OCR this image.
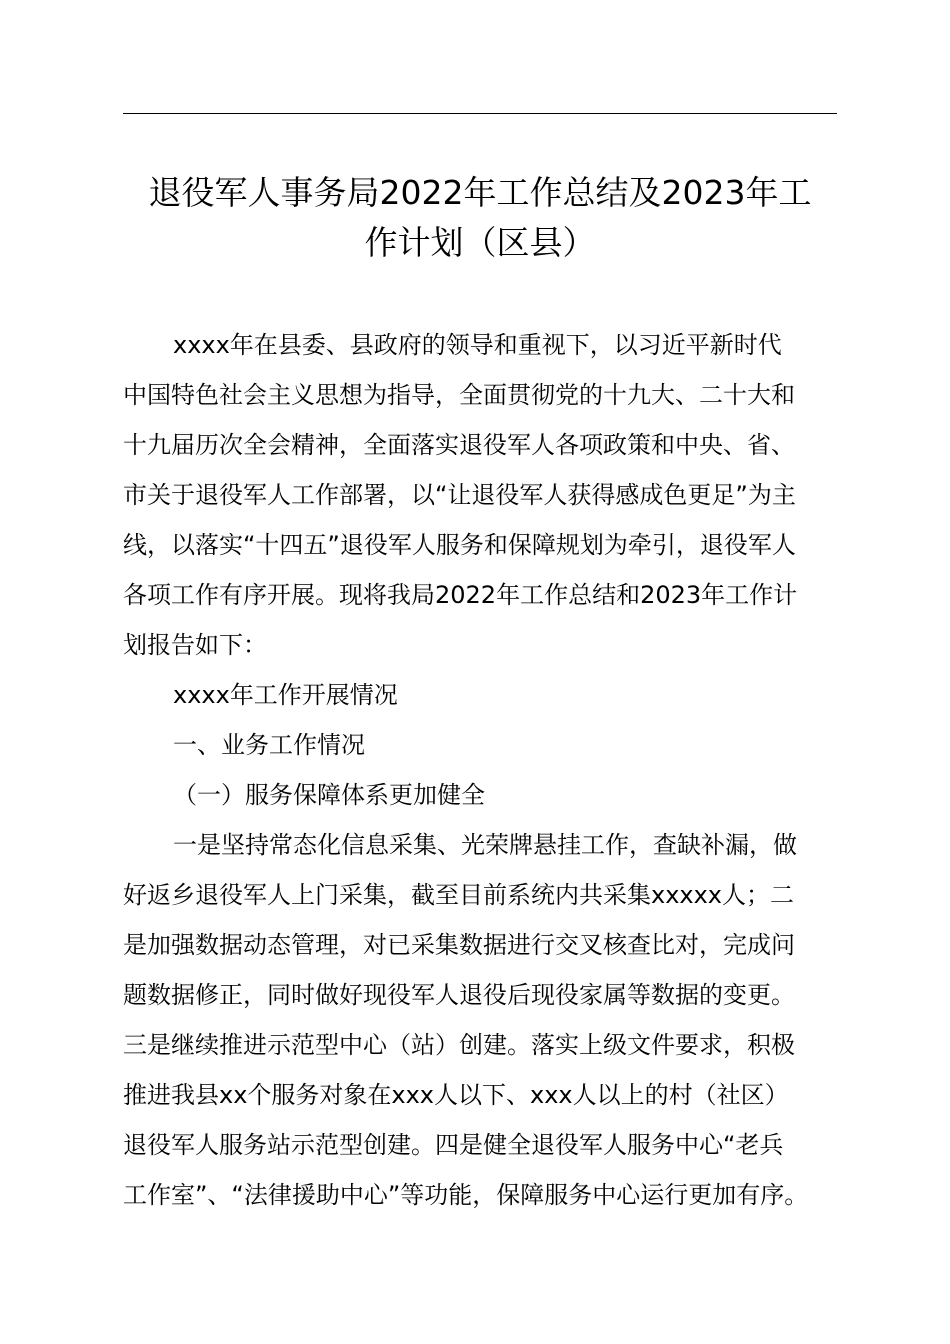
退役军人事务局2022年工作总结及2023年工
作计划（区县）
xxxx年在县委、县政府的领导和重视下，以习近平新时代
中国特色社会主义思想为指导，全面贯彻党的十九大、二十大和
十九届历次全会精神，全面落实退役军人各项政策和中央、省、
市关于退役军人工作部署，以“让退役军人获得感成色更足”为主
线，以落实“十四五”退役军人服务和保障规划为牵引，退役军人
各项工作有序开展。现将我局2022年工作总结和2023年工作计
划报告如下：
xxxx年工作开展情况
一、业务工作情况
（一）服务保障体系更加健全
一是坚持常态化信息采集、光荣牌悬挂工作，查缺补漏，做
好返乡退役军人上门采集，截至目前系统内共采集xxxxx人；二
是加强数据动态管理，对已采集数据进行交叉核查比对，完成问
题数据修正，同时做好现役军人退役后现役家属等数据的变更。
三是继续推进示范型中心（站）创建。落实上级文件要求，积极
推进我县xx个服务对象在xxx人以下、xxx人以上的村（社区）
退役军人服务站示范型创建。四是健全退役军人服务中心“老兵
工作室”、“法律援助中心”等功能，保障服务中心运行更加有序。
